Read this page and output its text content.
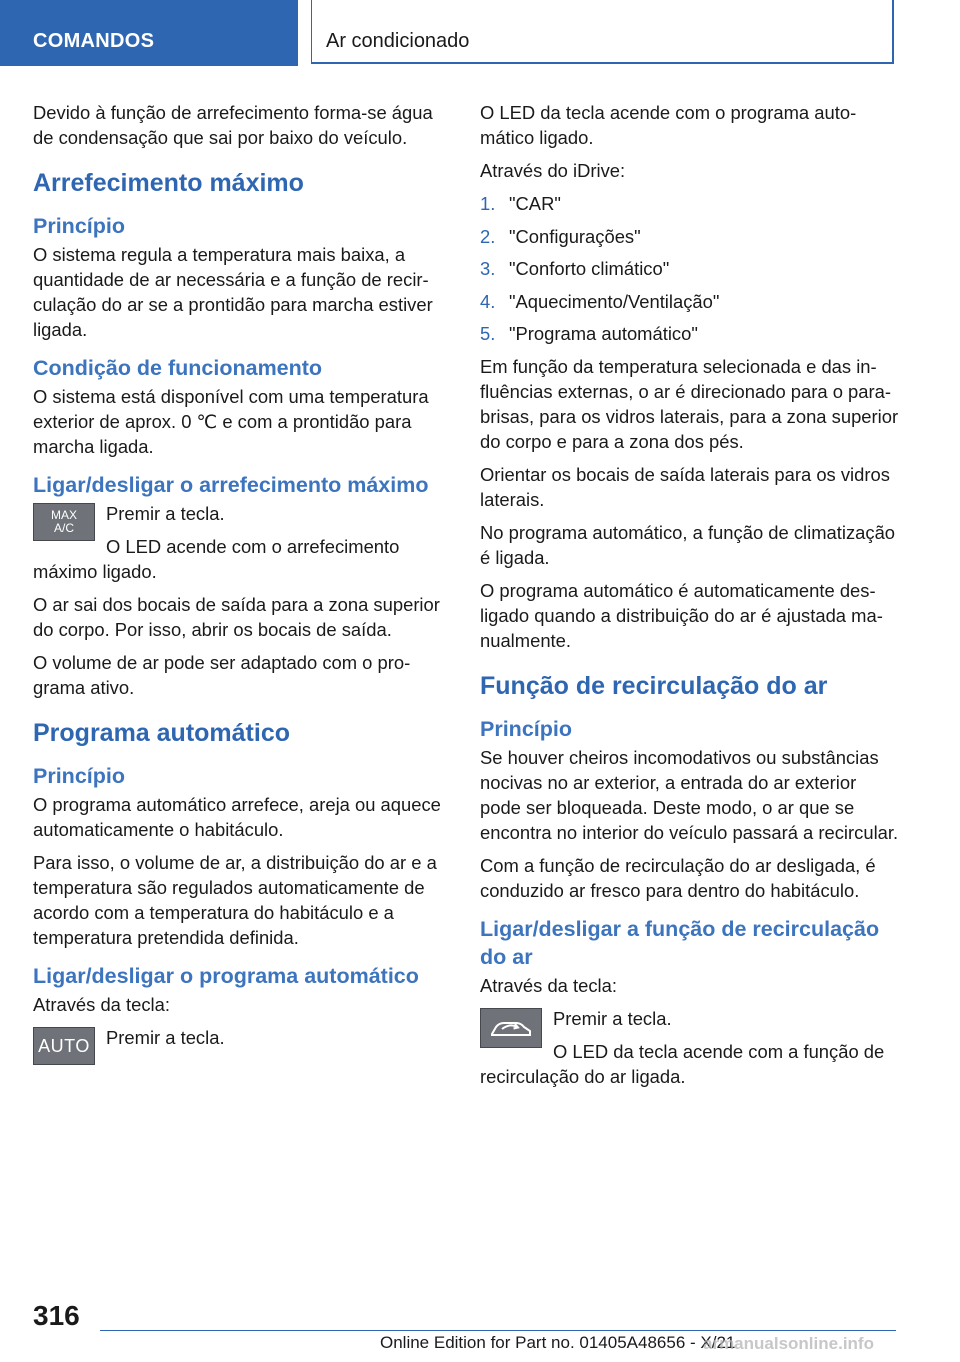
COMANDOS	Ar condicionado

Devido à função de arrefecimento forma-se água de condensação que sai por baixo do veículo.

Arrefecimento máximo
Princípio

O sistema regula a temperatura mais baixa, a quantidade de ar necessária e a função de recirculação do ar se a prontidão para marcha estiver ligada.

Condição de funcionamento

O sistema está disponível com uma temperatura exterior de aprox. 0 ℃ e com a prontidão para marcha ligada.

Ligar/desligar o arrefecimento máximo
MAX
A/C

Premir a tecla.

O LED acende com o arrefecimento máximo ligado.

O ar sai dos bocais de saída para a zona superior do corpo. Por isso, abrir os bocais de saída.

O volume de ar pode ser adaptado com o programa ativo.

Programa automático
Princípio

O programa automático arrefece, areja ou aquece automaticamente o habitáculo.

Para isso, o volume de ar, a distribuição do ar e a temperatura são regulados automaticamente de acordo com a temperatura do habitáculo e a temperatura pretendida definida.

Ligar/desligar o programa automático

Através da tecla:

AUTO Premir a tecla.

O LED da tecla acende com o programa automático ligado.

Através do iDrive:

1. "CAR"
2. "Configurações"
3. "Conforto climático"
4. "Aquecimento/Ventilação"
5. "Programa automático"

Em função da temperatura selecionada e das influências externas, o ar é direcionado para o para-brisas, para os vidros laterais, para a zona superior do corpo e para a zona dos pés.

Orientar os bocais de saída laterais para os vidros laterais.

No programa automático, a função de climatização é ligada.

O programa automático é automaticamente desligado quando a distribuição do ar é ajustada manualmente.

Função de recirculação do ar
Princípio

Se houver cheiros incomodativos ou substâncias nocivas no ar exterior, a entrada do ar exterior pode ser bloqueada. Deste modo, o ar que se encontra no interior do veículo passará a recircular.

Com a função de recirculação do ar desligada, é conduzido ar fresco para dentro do habitáculo.

Ligar/desligar a função de recirculação do ar

Através da tecla:

Premir a tecla.

O LED da tecla acende com a função de recirculação do ar ligada.

316
Online Edition for Part no. 01405A48656 - X/21
armanualsonline.info
